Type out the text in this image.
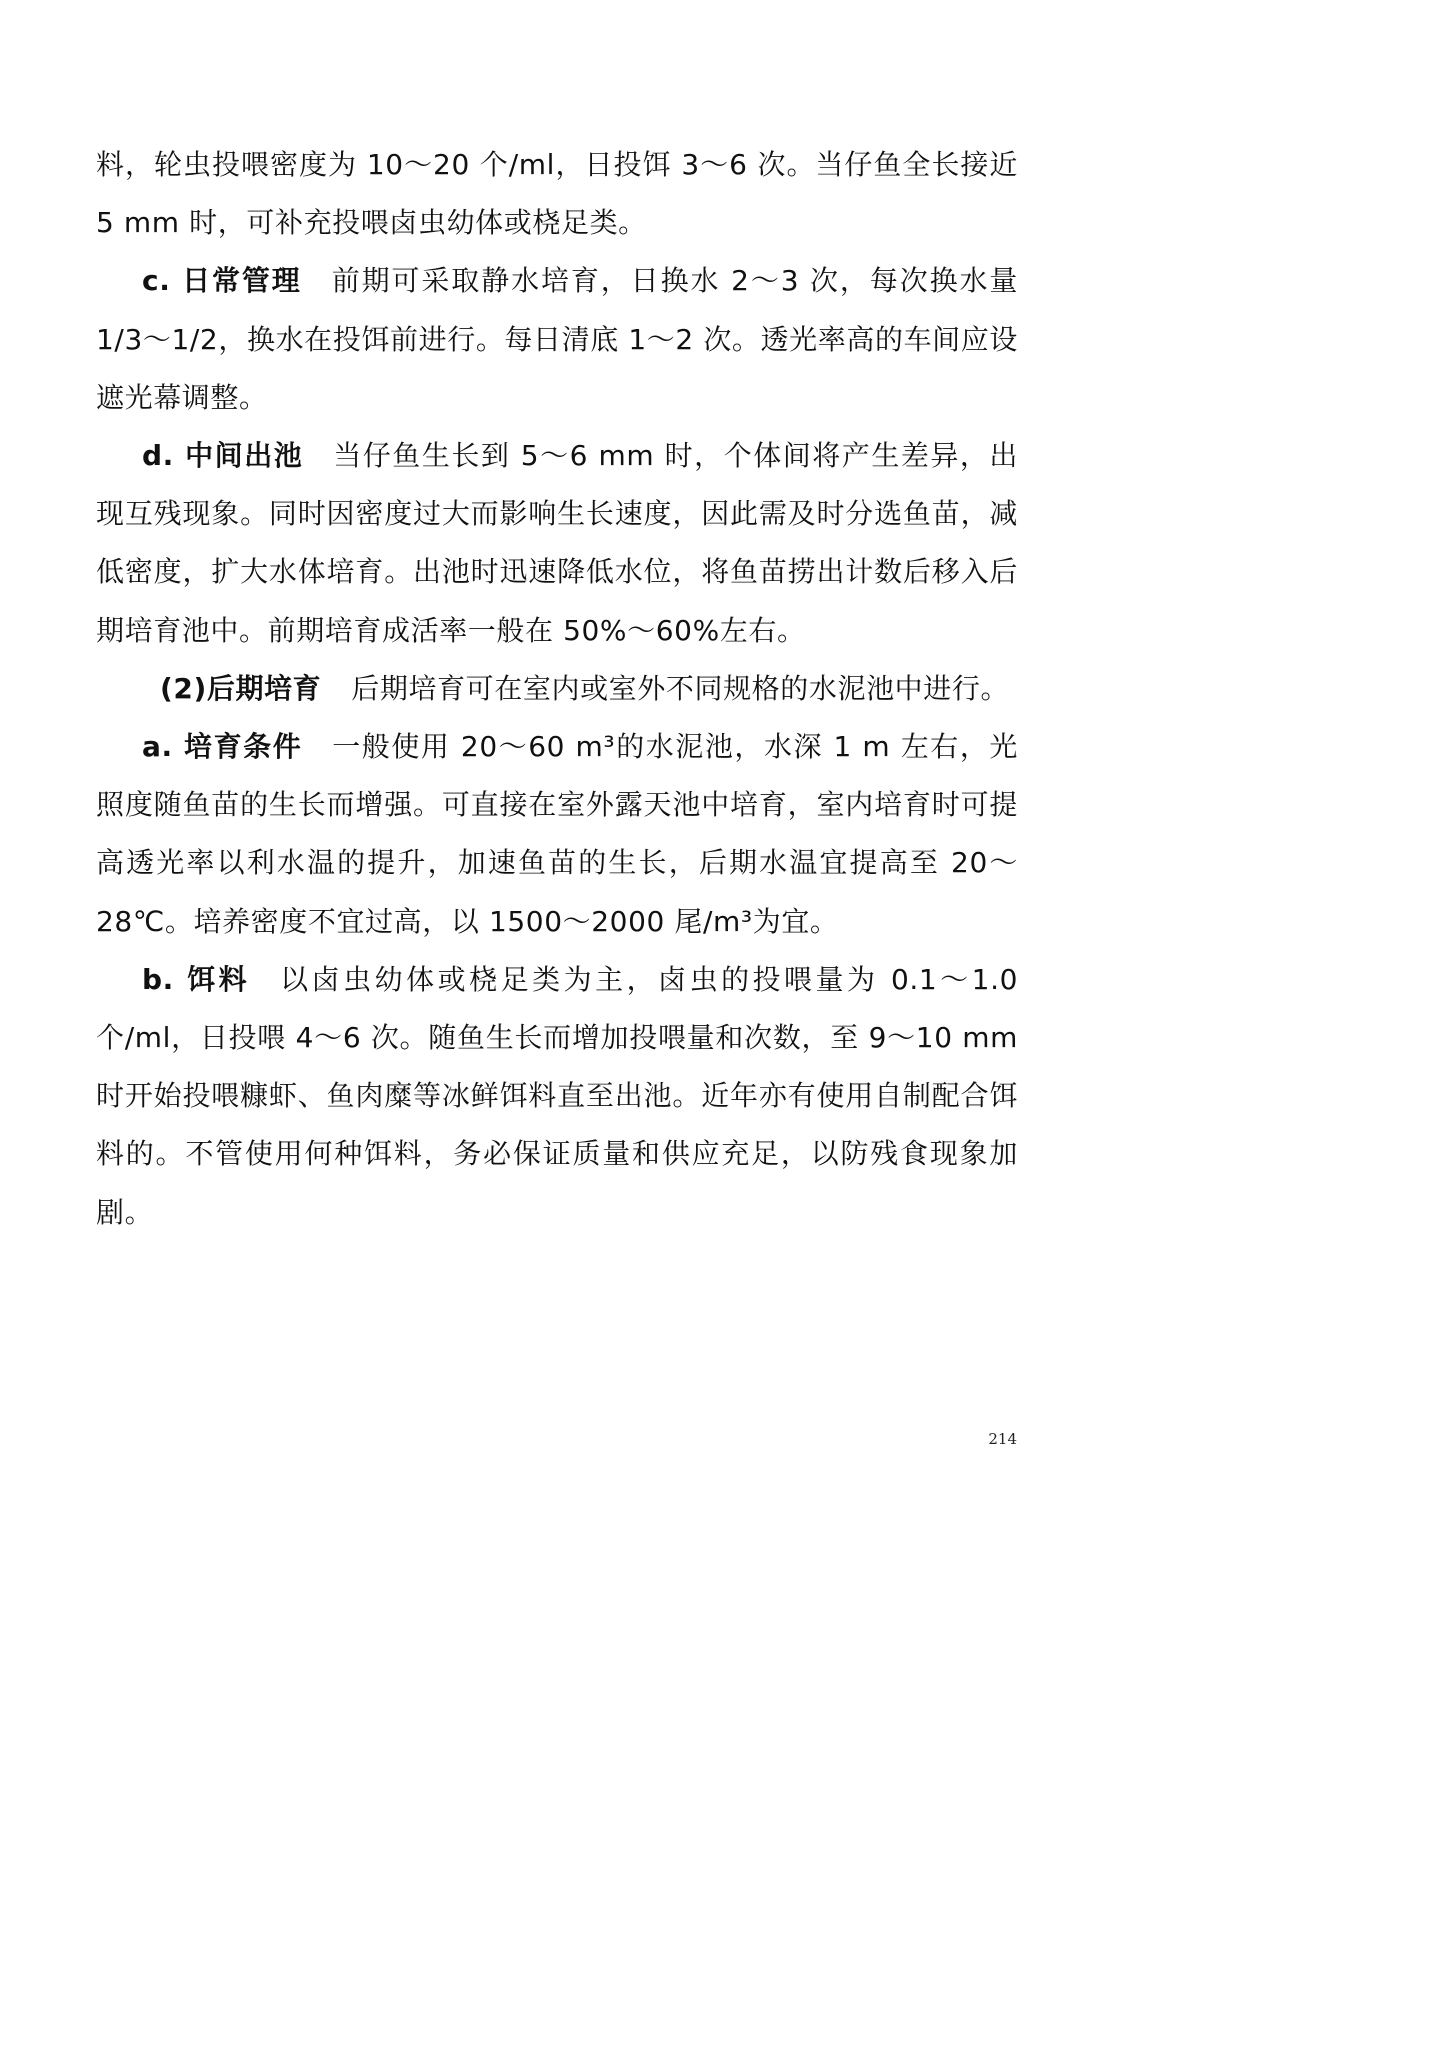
料，轮虫投喂密度为 10～20 个/ml，日投饵 3～6 次。当仔鱼全长接近 5 mm 时，可补充投喂卤虫幼体或桡足类。

c. 日常管理 前期可采取静水培育，日换水 2～3 次，每次换水量 1/3～1/2，换水在投饵前进行。每日清底 1～2 次。透光率高的车间应设遮光幕调整。

d. 中间出池 当仔鱼生长到 5～6 mm 时，个体间将产生差异，出现互残现象。同时因密度过大而影响生长速度，因此需及时分选鱼苗，减低密度，扩大水体培育。出池时迅速降低水位，将鱼苗捞出计数后移入后期培育池中。前期培育成活率一般在 50%～60%左右。

(2)后期培育 后期培育可在室内或室外不同规格的水泥池中进行。

a. 培育条件 一般使用 20～60 m³的水泥池，水深 1 m 左右，光照度随鱼苗的生长而增强。可直接在室外露天池中培育，室内培育时可提高透光率以利水温的提升，加速鱼苗的生长，后期水温宜提高至 20～28℃。培养密度不宜过高，以 1500～2000 尾/m³为宜。

b. 饵料 以卤虫幼体或桡足类为主，卤虫的投喂量为 0.1～1.0 个/ml，日投喂 4～6 次。随鱼生长而增加投喂量和次数，至 9～10 mm 时开始投喂糠虾、鱼肉糜等冰鲜饵料直至出池。近年亦有使用自制配合饵料的。不管使用何种饵料，务必保证质量和供应充足，以防残食现象加剧。

214
